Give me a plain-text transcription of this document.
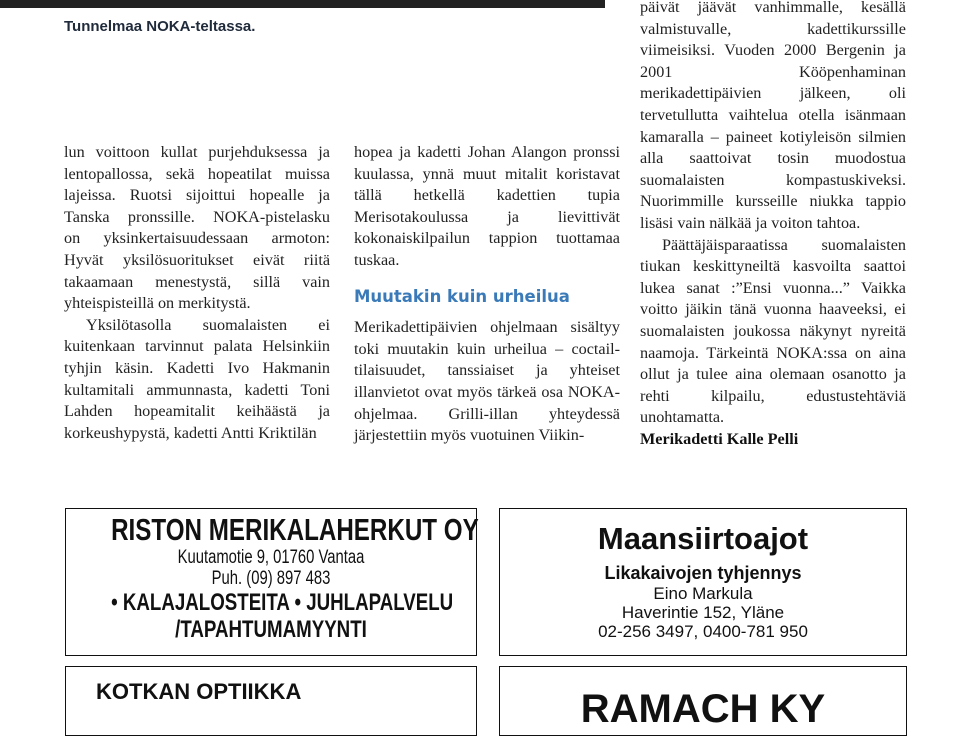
Tunnelmaa NOKA-teltassa.

lun voittoon kullat purjehduksessa ja

lentopallossa, sekä hopeatilat muissa

lajeissa. Ruotsi sijoittui hopealle ja

Tanska pronssille. NOKA-pistelasku

on yksinkertaisuudessaan armoton:

Hyvät yksilösuoritukset eivät riitä

takaamaan menestystä, sillä vain

yhteispisteillä on merkitystä.

Yksilötasolla suomalaisten ei kuitenkaan tarvinnut palata Helsinkiin tyhjin käsin. Kadetti Ivo Hakmanin kultamitali ammunnasta, kadetti Toni Lahden hopeamitalit keihäästä ja korkeushypystä, kadetti Antti Kriktilän

hopea ja kadetti Johan Alangon pronssi kuulassa, ynnä muut mitalit koristavat tällä hetkellä kadettien tupia Merisotakoulussa ja lievittivät kokonaiskilpailun tappion tuottamaa tuskaa.

Muutakin kuin urheilua

Merikadettipäivien ohjelmaan sisältyy toki muutakin kuin urheilua – coctail-tilaisuudet, tanssiaiset ja yhteiset illanvietot ovat myös tärkeä osa NOKA-ohjelmaa. Grilli-illan yhteydessä järjestettiin myös vuotuinen Viikin-

päivät jäävät vanhimmalle, kesällä valmistuvalle, kadettikurssille viimeisiksi. Vuoden 2000 Bergenin ja 2001 Kööpenhaminan merikadettipäivien jälkeen, oli tervetullutta vaihtelua otella isänmaan kamaralla – paineet kotiyleisön silmien alla saattoivat tosin muodostua suomalaisten kompastuskiveksi. Nuorimmille kursseille niukka tappio lisäsi vain nälkää ja voiton tahtoa.

Päättäjäisparaatissa suomalaisten tiukan keskittyneiltä kasvoilta saattoi lukea sanat :”Ensi vuonna...” Vaikka voitto jäikin tänä vuonna haaveeksi, ei suomalaisten joukossa näkynyt nyreitä naamoja. Tärkeintä NOKA:ssa on aina ollut ja tulee aina olemaan osanotto ja rehti kilpailu, edustustehtäviä unohtamatta.

Merikadetti Kalle Pelli

RISTON MERIKALAHERKUT OY
Kuutamotie 9, 01760 Vantaa
Puh. (09) 897 483
• KALAJALOSTEITA • JUHLAPALVELU
/TAPAHTUMAMYYNTI
Maansiirtoajot
Likakaivojen tyhjennys
Eino Markula
Haverintie 152, Yläne
02-256 3497, 0400-781 950
KOTKAN OPTIIKKA	RAMACH KY
